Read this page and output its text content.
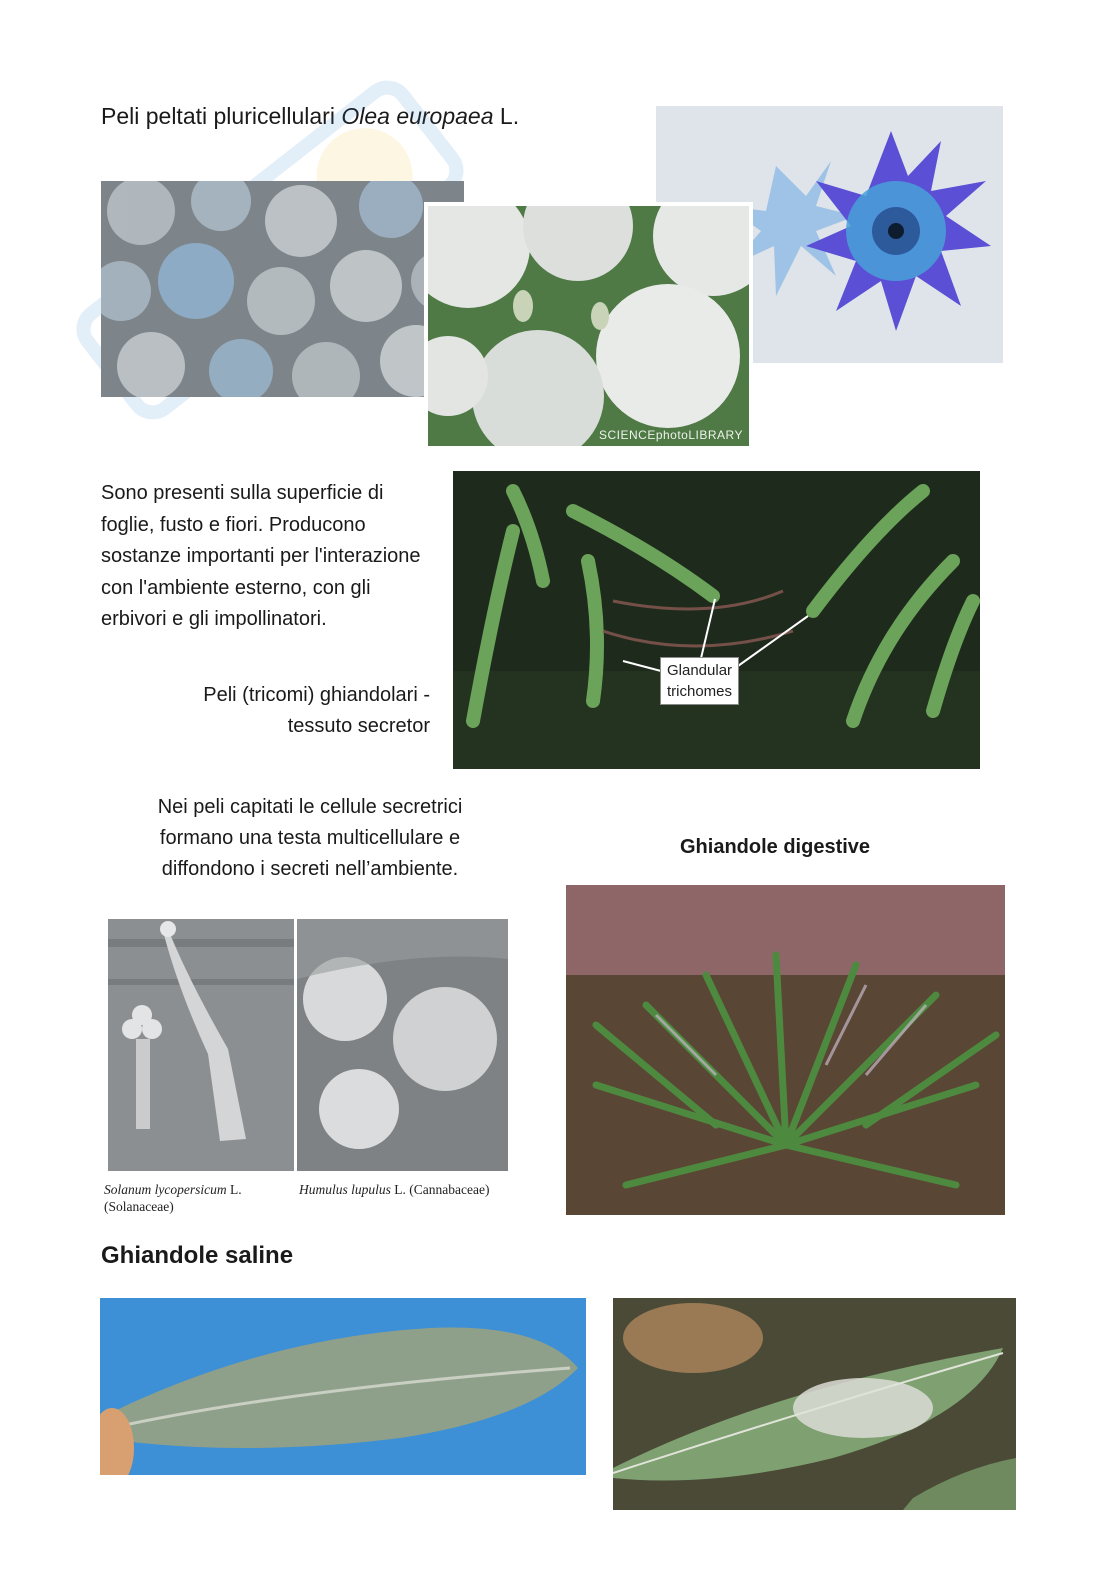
Peli peltati pluricellulari Olea europaea L.
SCIENCEphotoLIBRARY
Sono presenti sulla superficie di foglie, fusto e fiori. Producono sostanze importanti per l'interazione con l'ambiente esterno, con gli erbivori e gli impollinatori.
Peli (tricomi) ghiandolari -
tessuto secretor
Glandular
trichomes
Nei peli capitati le cellule secretrici formano una testa multicellulare e diffondono i secreti nell’ambiente.
Ghiandole digestive
Solanum lycopersicum L.
(Solanaceae)
Humulus lupulus L. (Cannabaceae)
Ghiandole saline
